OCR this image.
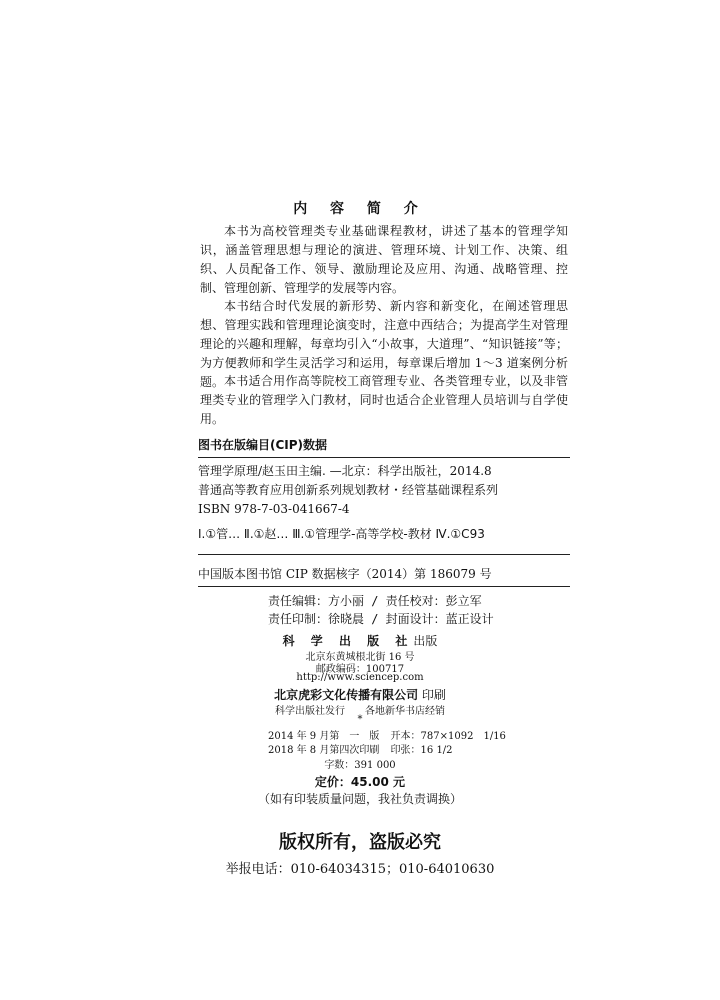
内 容 简 介

本书为高校管理类专业基础课程教材，讲述了基本的管理学知识，涵盖管理思想与理论的演进、管理环境、计划工作、决策、组织、人员配备工作、领导、激励理论及应用、沟通、战略管理、控制、管理创新、管理学的发展等内容。

本书结合时代发展的新形势、新内容和新变化，在阐述管理思想、管理实践和管理理论演变时，注意中西结合；为提高学生对管理理论的兴趣和理解，每章均引入“小故事，大道理”、“知识链接”等；为方便教师和学生灵活学习和运用，每章课后增加 1～3 道案例分析题。 本书适合用作高等院校工商管理专业、各类管理专业，以及非管理类专业的管理学入门教材，同时也适合企业管理人员培训与自学使用。

图书在版编目(CIP)数据
管理学原理/赵玉田主编. —北京：科学出版社，2014.8
普通高等教育应用创新系列规划教材・经管基础课程系列
ISBN 978-7-03-041667-4
Ⅰ.①管… Ⅱ.①赵… Ⅲ.①管理学-高等学校-教材 Ⅳ.①C93
中国版本图书馆 CIP 数据核字（2014）第 186079 号
责任编辑：方小丽 / 责任校对：彭立军
责任印制：徐晓晨 / 封面设计：蓝正设计
科 学 出 版 社出版
北京东黄城根北街 16 号
邮政编码：100717
http://www.sciencep.com
北京虎彩文化传播有限公司 印刷
科学出版社发行　　各地新华书店经销
*
2014 年 9 月第　一　版 开本：787×1092　1/16
2018 年 8 月第四次印刷 印张：16 1/2
字数：391 000
定价：45.00 元
（如有印装质量问题，我社负责调换）
版权所有，盗版必究
举报电话：010-64034315；010-64010630
